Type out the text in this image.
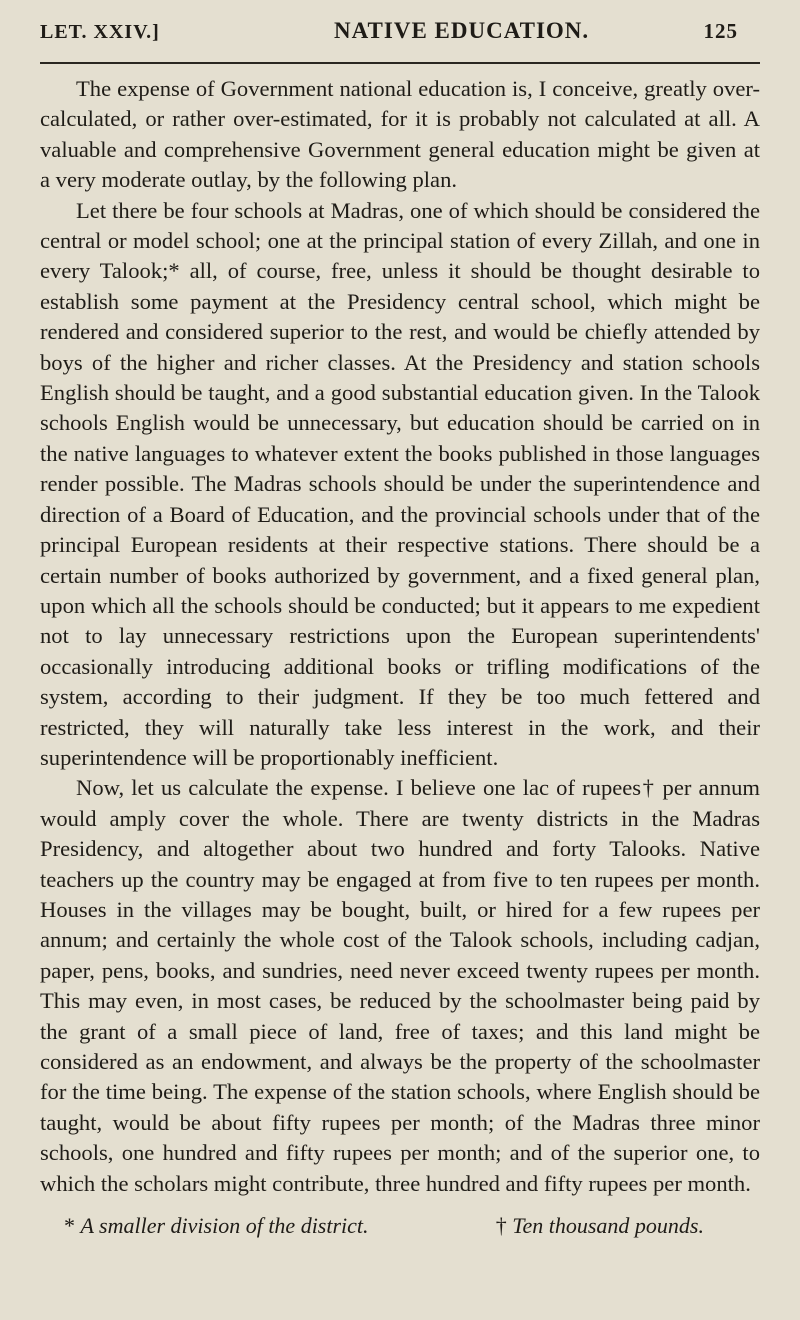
LET. XXIV.]	NATIVE EDUCATION.	125

The expense of Government national education is, I conceive, greatly over-calculated, or rather over-estimated, for it is probably not calculated at all. A valuable and comprehensive Government general education might be given at a very moderate outlay, by the following plan.

Let there be four schools at Madras, one of which should be considered the central or model school; one at the principal station of every Zillah, and one in every Talook;* all, of course, free, unless it should be thought desirable to establish some payment at the Presidency central school, which might be rendered and considered superior to the rest, and would be chiefly attended by boys of the higher and richer classes. At the Presidency and station schools English should be taught, and a good substantial education given. In the Talook schools English would be unnecessary, but education should be carried on in the native languages to whatever extent the books published in those languages render possible. The Madras schools should be under the superintendence and direction of a Board of Education, and the provincial schools under that of the principal European residents at their respective stations. There should be a certain number of books authorized by government, and a fixed general plan, upon which all the schools should be conducted; but it appears to me expedient not to lay unnecessary restrictions upon the European superintendents' occasionally introducing additional books or trifling modifications of the system, according to their judgment. If they be too much fettered and restricted, they will naturally take less interest in the work, and their superintendence will be proportionably inefficient.

Now, let us calculate the expense. I believe one lac of rupees† per annum would amply cover the whole. There are twenty districts in the Madras Presidency, and altogether about two hundred and forty Talooks. Native teachers up the country may be engaged at from five to ten rupees per month. Houses in the villages may be bought, built, or hired for a few rupees per annum; and certainly the whole cost of the Talook schools, including cadjan, paper, pens, books, and sundries, need never exceed twenty rupees per month. This may even, in most cases, be reduced by the schoolmaster being paid by the grant of a small piece of land, free of taxes; and this land might be considered as an endowment, and always be the property of the schoolmaster for the time being. The expense of the station schools, where English should be taught, would be about fifty rupees per month; of the Madras three minor schools, one hundred and fifty rupees per month; and of the superior one, to which the scholars might contribute, three hundred and fifty rupees per month.

* A smaller division of the district.	† Ten thousand pounds.
